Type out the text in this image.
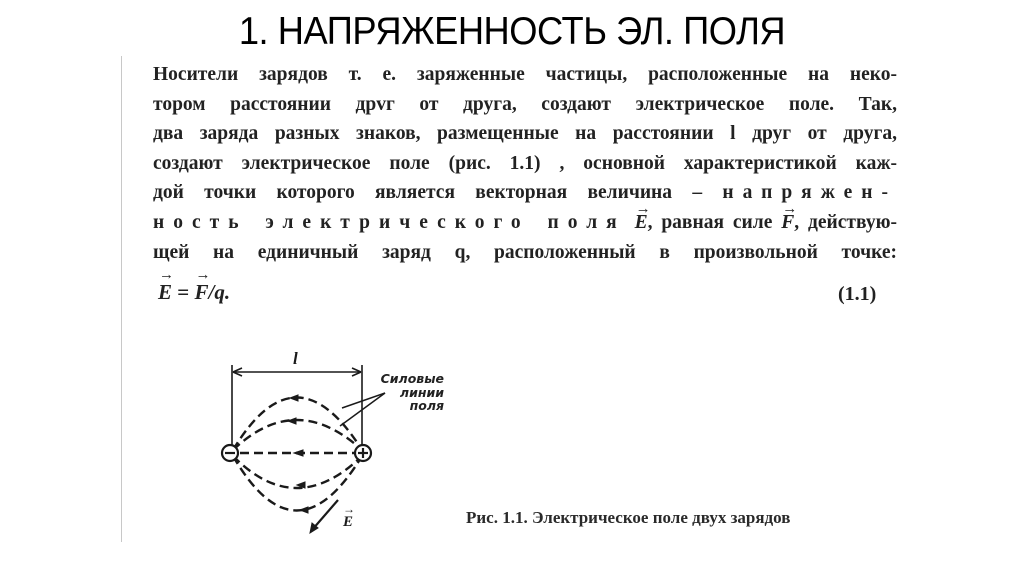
1. НАПРЯЖЕННОСТЬ ЭЛ. ПОЛЯ
Носители зарядов т. е. заряженные частицы, расположенные на неко-
тором расстоянии дрvг от друга, создают электрическое поле. Так,
два заряда разных знаков, размещенные на расстоянии l друг от друга,
создают электрическое поле (рис. 1.1) , основной характеристикой каж-
дой точки которого является векторная величина – напряжен-
ность электрического поля → E, равная силе → F, действую-
щей на единичный заряд q, расположенный в произвольной точке:
→ E = → F/q.	(1.1)
l
Силовые
линии
поля
→ E	Рис. 1.1. Электрическое поле двух зарядов
